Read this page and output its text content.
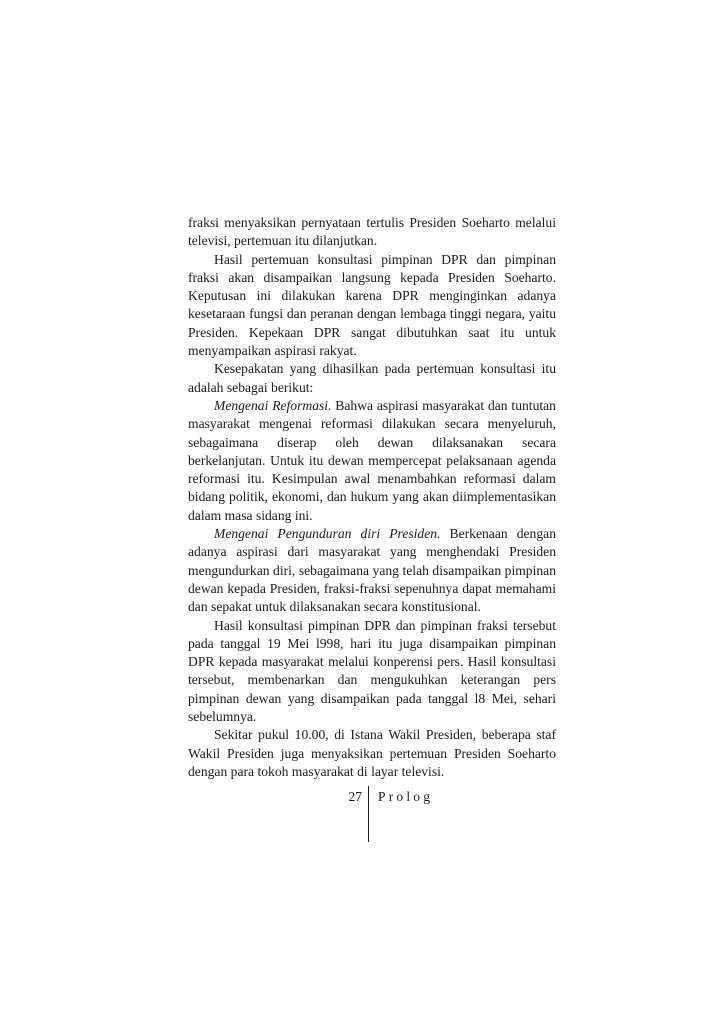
fraksi menyaksikan pernyataan tertulis Presiden Soeharto melalui televisi, pertemuan itu dilanjutkan.

Hasil pertemuan konsultasi pimpinan DPR dan pimpinan fraksi akan disampaikan langsung kepada Presiden Soeharto. Keputusan ini dilakukan karena DPR menginginkan adanya kesetaraan fungsi dan peranan dengan lembaga tinggi negara, yaitu Presiden. Kepekaan DPR sangat dibutuhkan saat itu untuk menyampaikan aspirasi rakyat.

Kesepakatan yang dihasilkan pada pertemuan konsultasi itu adalah sebagai berikut:

Mengenai Reformasi. Bahwa aspirasi masyarakat dan tuntutan masyarakat mengenai reformasi dilakukan secara menyeluruh, sebagaimana diserap oleh dewan dilaksanakan secara berkelanjutan. Untuk itu dewan mempercepat pelaksanaan agenda reformasi itu. Kesimpulan awal menambahkan reformasi dalam bidang politik, ekonomi, dan hukum yang akan diimplementasikan dalam masa sidang ini.

Mengenai Pengunduran diri Presiden. Berkenaan dengan adanya aspirasi dari masyarakat yang menghendaki Presiden mengundurkan diri, sebagaimana yang telah disampaikan pimpinan dewan kepada Presiden, fraksi-fraksi sepenuhnya dapat memahami dan sepakat untuk dilaksanakan secara konstitusional.

Hasil konsultasi pimpinan DPR dan pimpinan fraksi tersebut pada tanggal 19 Mei l998, hari itu juga disampaikan pimpinan DPR kepada masyarakat melalui konperensi pers. Hasil konsultasi tersebut, membenarkan dan mengukuhkan keterangan pers pimpinan dewan yang disampaikan pada tanggal l8 Mei, sehari sebelumnya.

Sekitar pukul 10.00, di Istana Wakil Presiden, beberapa staf Wakil Presiden juga menyaksikan pertemuan Presiden Soeharto dengan para tokoh masyarakat di layar televisi.

27 Prolog
